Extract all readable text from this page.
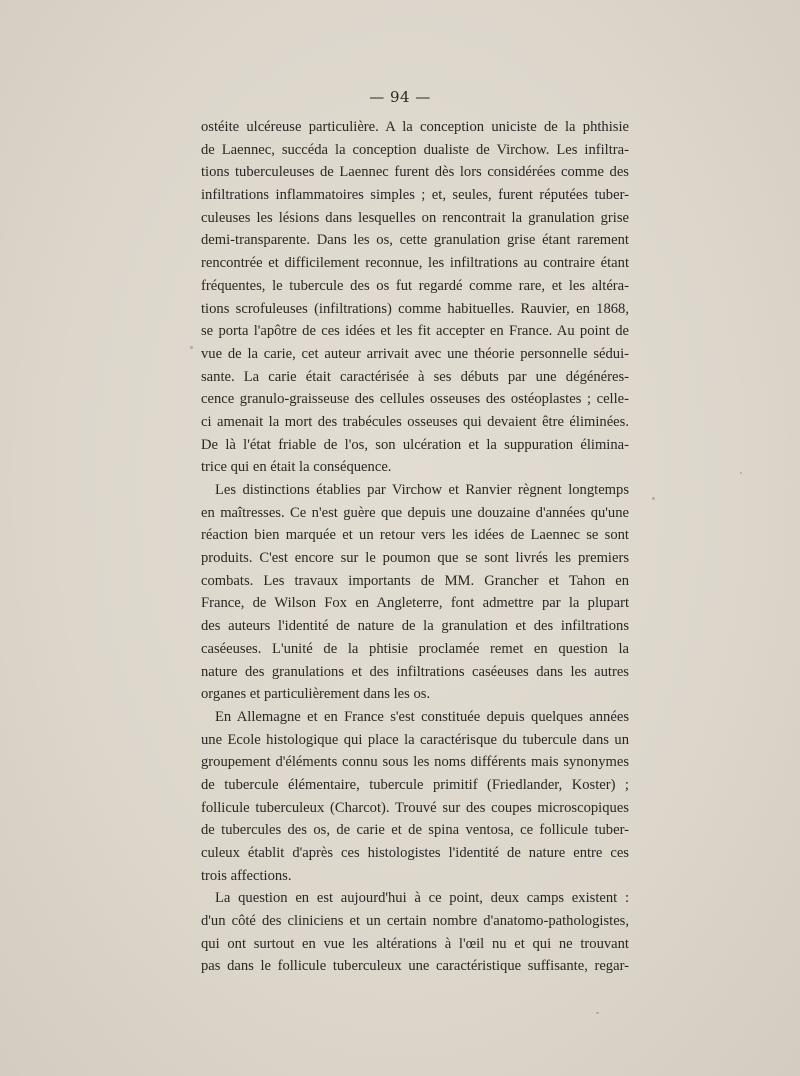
— 94 —
ostéite ulcéreuse particulière. A la conception uniciste de la phthisie
de Laennec, succéda la conception dualiste de Virchow. Les infiltra-
tions tuberculeuses de Laennec furent dès lors considérées comme des
infiltrations inflammatoires simples ; et, seules, furent réputées tuber-
culeuses les lésions dans lesquelles on rencontrait la granulation grise
demi-transparente. Dans les os, cette granulation grise étant rarement
rencontrée et difficilement reconnue, les infiltrations au contraire étant
fréquentes, le tubercule des os fut regardé comme rare, et les altéra-
tions scrofuleuses (infiltrations) comme habituelles. Rauvier, en 1868,
se porta l'apôtre de ces idées et les fit accepter en France. Au point de
vue de la carie, cet auteur arrivait avec une théorie personnelle sédui-
sante. La carie était caractérisée à ses débuts par une dégénéres-
cence granulo-graisseuse des cellules osseuses des ostéoplastes ; celle-
ci amenait la mort des trabécules osseuses qui devaient être éliminées.
De là l'état friable de l'os, son ulcération et la suppuration élimina-
trice qui en était la conséquence.
Les distinctions établies par Virchow et Ranvier règnent longtemps
en maîtresses. Ce n'est guère que depuis une douzaine d'années qu'une
réaction bien marquée et un retour vers les idées de Laennec se sont
produits. C'est encore sur le poumon que se sont livrés les premiers
combats. Les travaux importants de MM. Grancher et Tahon en
France, de Wilson Fox en Angleterre, font admettre par la plupart
des auteurs l'identité de nature de la granulation et des infiltrations
caséeuses. L'unité de la phtisie proclamée remet en question la
nature des granulations et des infiltrations caséeuses dans les autres
organes et particulièrement dans les os.
En Allemagne et en France s'est constituée depuis quelques années
une Ecole histologique qui place la caractérisque du tubercule dans un
groupement d'éléments connu sous les noms différents mais synonymes
de tubercule élémentaire, tubercule primitif (Friedlander, Koster) ;
follicule tuberculeux (Charcot). Trouvé sur des coupes microscopiques
de tubercules des os, de carie et de spina ventosa, ce follicule tuber-
culeux établit d'après ces histologistes l'identité de nature entre ces
trois affections.
La question en est aujourd'hui à ce point, deux camps existent :
d'un côté des cliniciens et un certain nombre d'anatomo-pathologistes,
qui ont surtout en vue les altérations à l'œil nu et qui ne trouvant
pas dans le follicule tuberculeux une caractéristique suffisante, regar-
